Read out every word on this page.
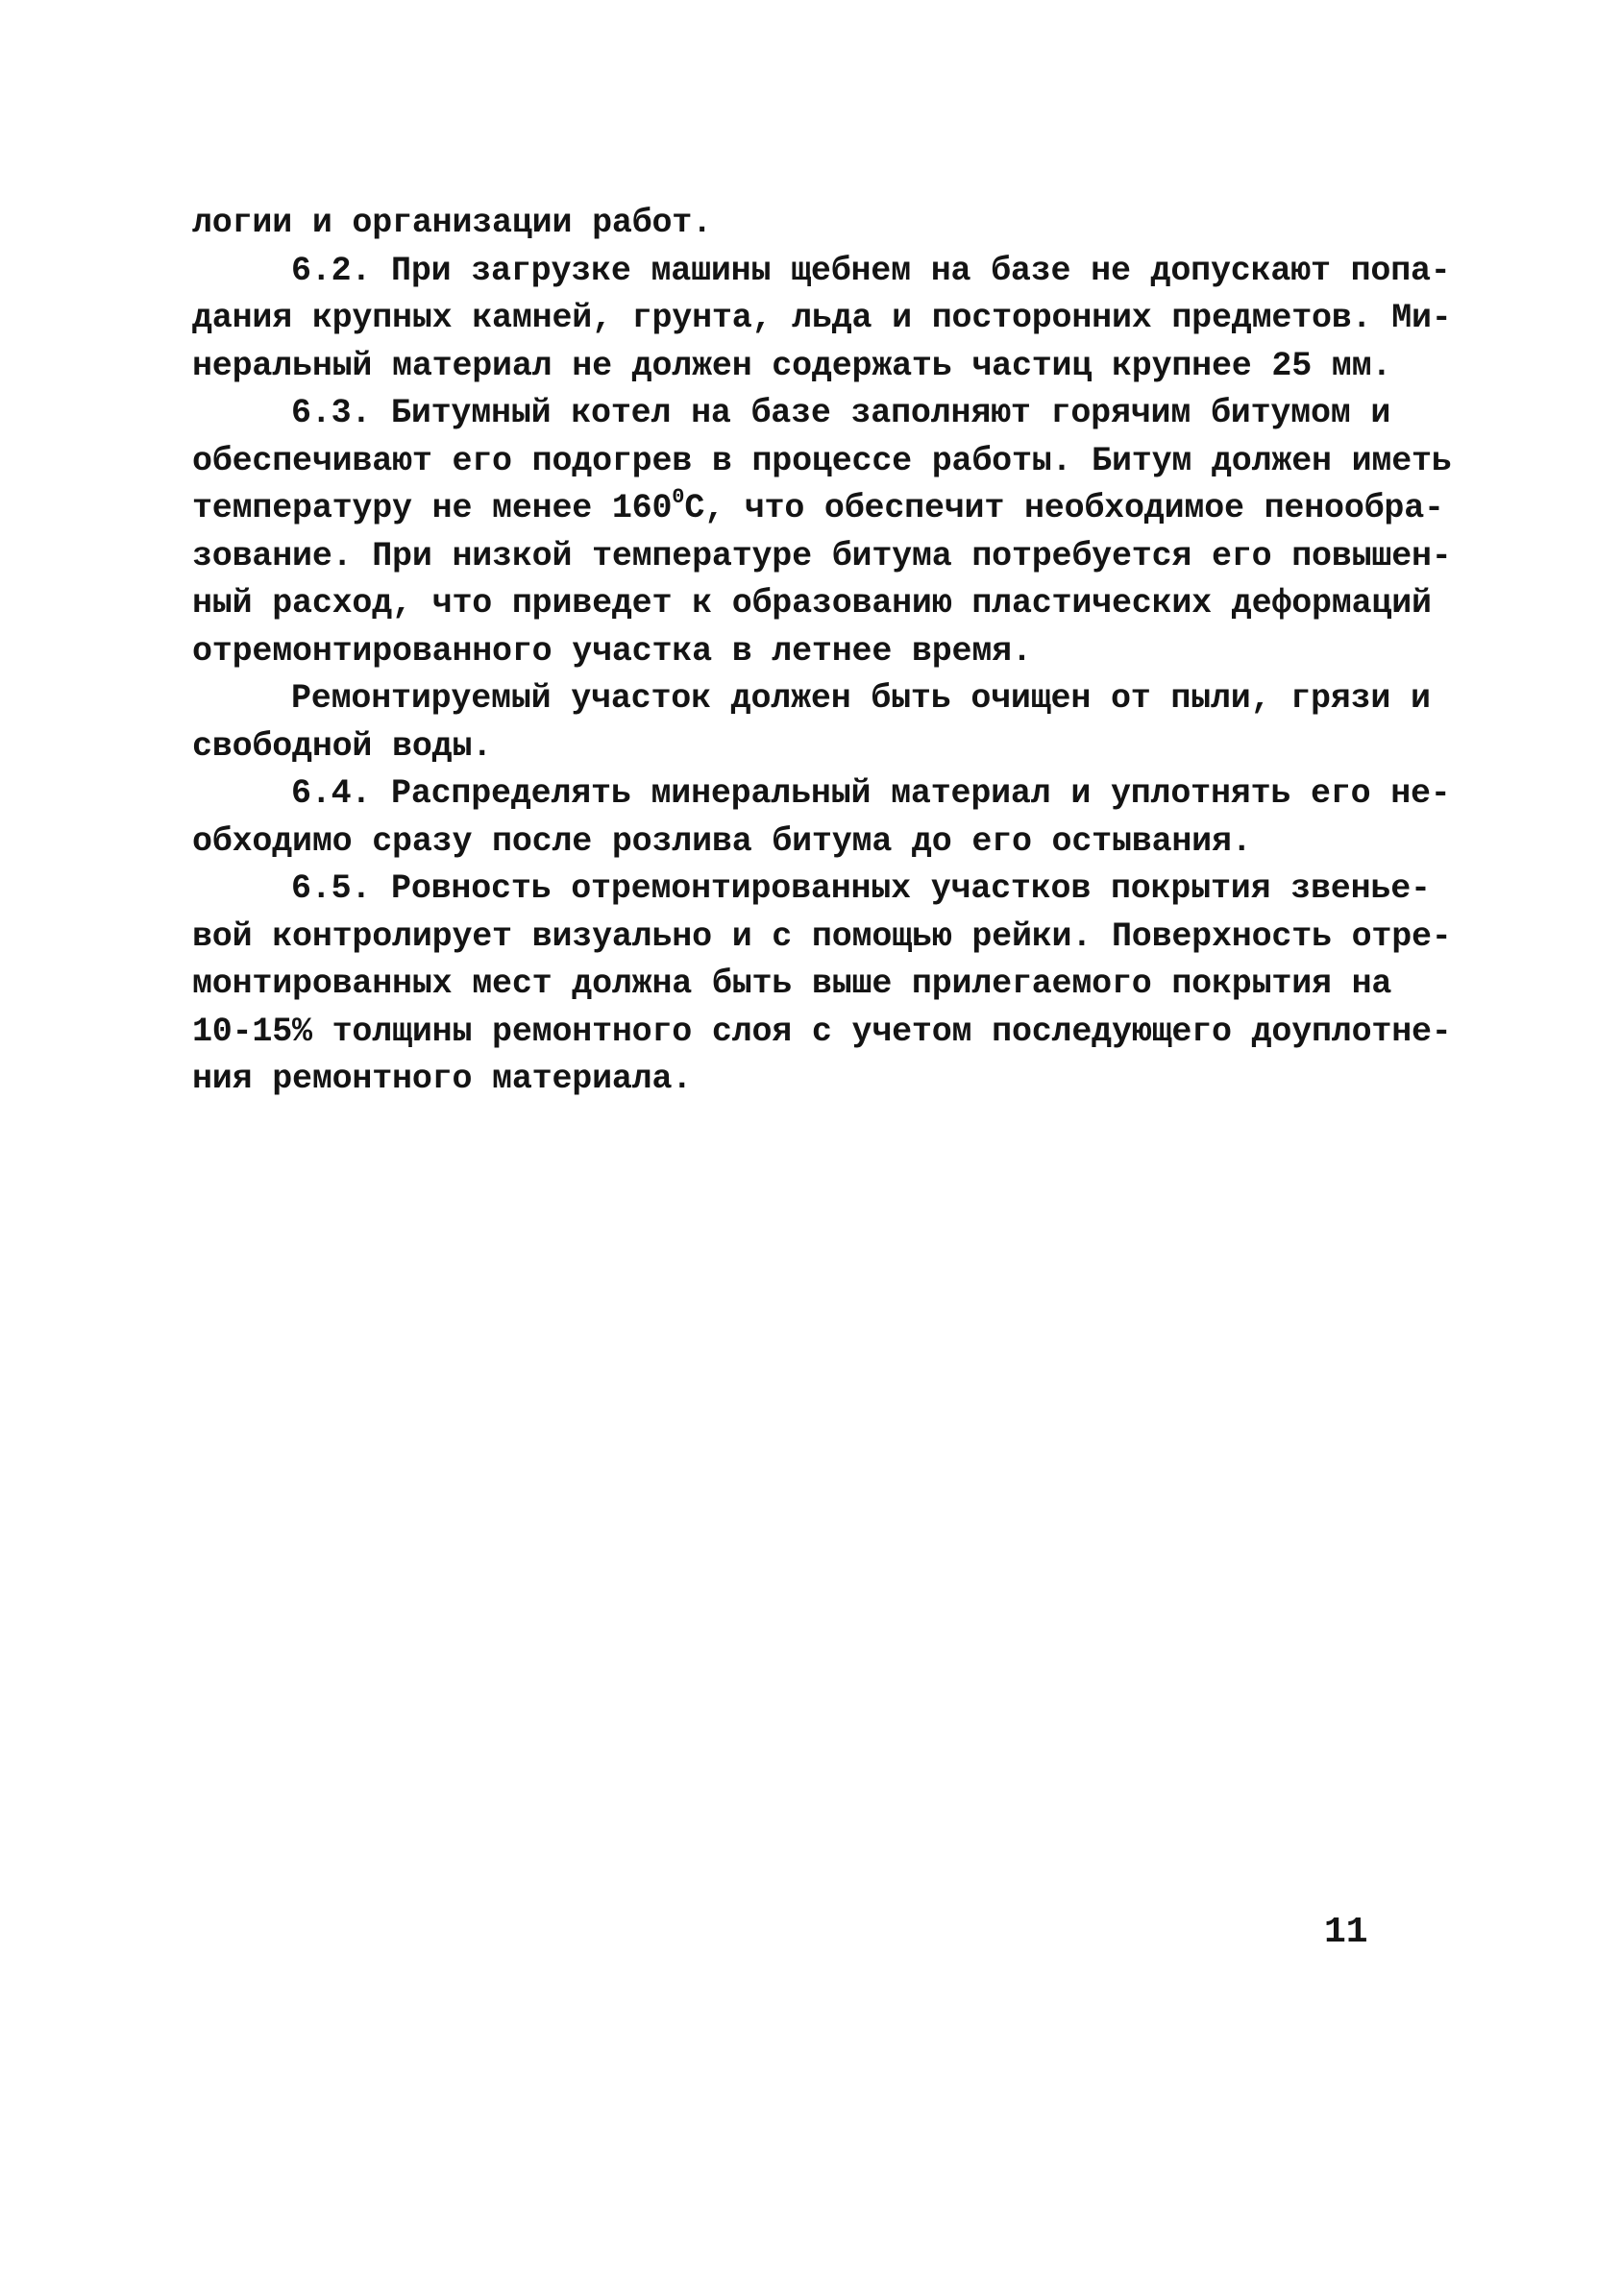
логии и организации работ.
6.2. При загрузке машины щебнем на базе не допускают попа-
дания крупных камней, грунта, льда и посторонних предметов. Ми-
неральный материал не должен содержать частиц крупнее 25 мм.
6.3. Битумный котел на базе заполняют горячим битумом и
обеспечивают его подогрев в процессе работы. Битум должен иметь
температуру не менее $160^0С$, что обеспечит необходимое пенообра-
зование. При низкой температуре битума потребуется его повышен-
ный расход, что приведет к образованию пластических деформаций
отремонтированного участка в летнее время.
Ремонтируемый участок должен быть очищен от пыли, грязи и
свободной воды.
6.4. Распределять минеральный материал и уплотнять его не-
обходимо сразу после розлива битума до его остывания.
6.5. Ровность отремонтированных участков покрытия звенье-
вой контролирует визуально и с помощью рейки. Поверхность отре-
монтированных мест должна быть выше прилегаемого покрытия на
10-15% толщины ремонтного слоя с учетом последующего доуплотне-
ния ремонтного материала.
11
